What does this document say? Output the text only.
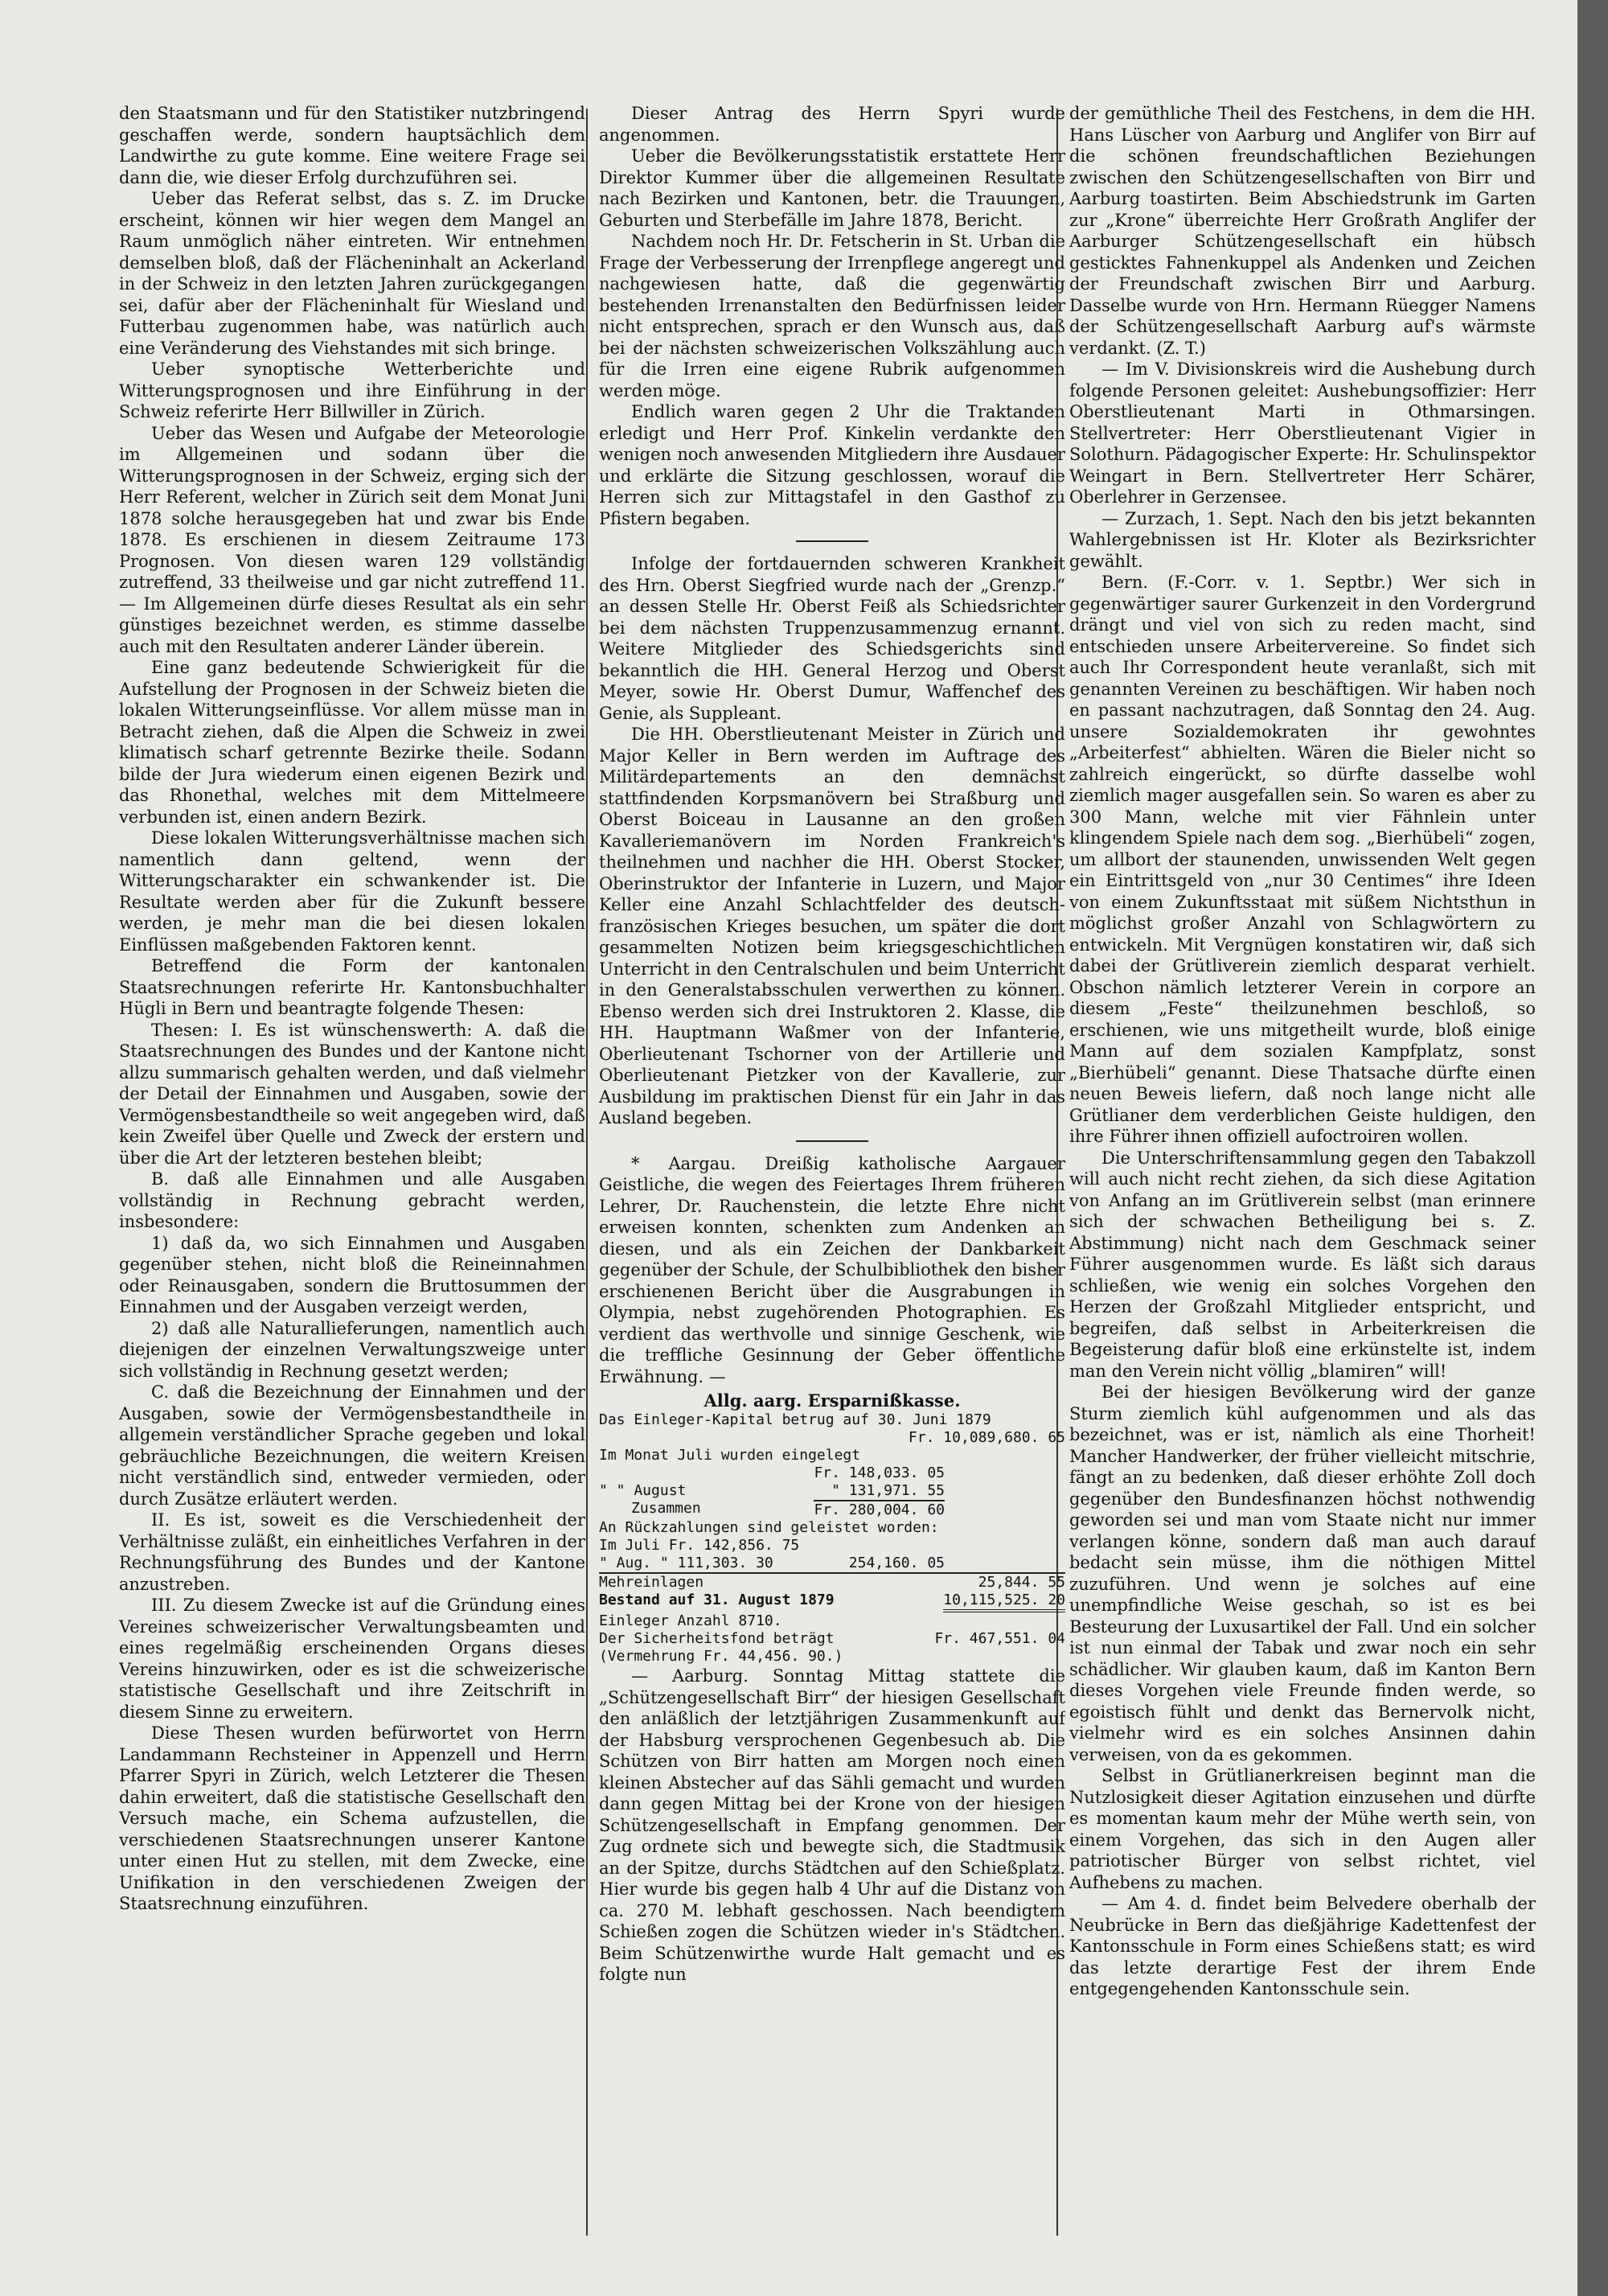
den Staatsmann und für den Statistiker nutzbringend geschaffen werde, sondern hauptsächlich dem Landwirthe zu gute komme. Eine weitere Frage sei dann die, wie dieser Erfolg durchzuführen sei.

Ueber das Referat selbst, das s. Z. im Drucke erscheint, können wir hier wegen dem Mangel an Raum unmöglich näher eintreten. Wir entnehmen demselben bloß, daß der Flächeninhalt an Ackerland in der Schweiz in den letzten Jahren zurückgegangen sei, dafür aber der Flächeninhalt für Wiesland und Futterbau zugenommen habe, was natürlich auch eine Veränderung des Viehstandes mit sich bringe.

Ueber synoptische Wetterberichte und Witterungsprognosen und ihre Einführung in der Schweiz referirte Herr Billwiller in Zürich.

Ueber das Wesen und Aufgabe der Meteorologie im Allgemeinen und sodann über die Witterungsprognosen in der Schweiz, erging sich der Herr Referent, welcher in Zürich seit dem Monat Juni 1878 solche herausgegeben hat und zwar bis Ende 1878. Es erschienen in diesem Zeitraume 173 Prognosen. Von diesen waren 129 vollständig zutreffend, 33 theilweise und gar nicht zutreffend 11. — Im Allgemeinen dürfe dieses Resultat als ein sehr günstiges bezeichnet werden, es stimme dasselbe auch mit den Resultaten anderer Länder überein.

Eine ganz bedeutende Schwierigkeit für die Aufstellung der Prognosen in der Schweiz bieten die lokalen Witterungseinflüsse. Vor allem müsse man in Betracht ziehen, daß die Alpen die Schweiz in zwei klimatisch scharf getrennte Bezirke theile. Sodann bilde der Jura wiederum einen eigenen Bezirk und das Rhonethal, welches mit dem Mittelmeere verbunden ist, einen andern Bezirk.

Diese lokalen Witterungsverhältnisse machen sich namentlich dann geltend, wenn der Witterungscharakter ein schwankender ist. Die Resultate werden aber für die Zukunft bessere werden, je mehr man die bei diesen lokalen Einflüssen maßgebenden Faktoren kennt.

Betreffend die Form der kantonalen Staatsrechnungen referirte Hr. Kantonsbuchhalter Hügli in Bern und beantragte folgende Thesen:

Thesen: I. Es ist wünschenswerth: A. daß die Staatsrechnungen des Bundes und der Kantone nicht allzu summarisch gehalten werden, und daß vielmehr der Detail der Einnahmen und Ausgaben, sowie der Vermögensbestandtheile so weit angegeben wird, daß kein Zweifel über Quelle und Zweck der erstern und über die Art der letzteren bestehen bleibt;

B. daß alle Einnahmen und alle Ausgaben vollständig in Rechnung gebracht werden, insbesondere:

1) daß da, wo sich Einnahmen und Ausgaben gegenüber stehen, nicht bloß die Reineinnahmen oder Reinausgaben, sondern die Bruttosummen der Einnahmen und der Ausgaben verzeigt werden,

2) daß alle Naturallieferungen, namentlich auch diejenigen der einzelnen Verwaltungszweige unter sich vollständig in Rechnung gesetzt werden;

C. daß die Bezeichnung der Einnahmen und der Ausgaben, sowie der Vermögensbestandtheile in allgemein verständlicher Sprache gegeben und lokal gebräuchliche Bezeichnungen, die weitern Kreisen nicht verständlich sind, entweder vermieden, oder durch Zusätze erläutert werden.

II. Es ist, soweit es die Verschiedenheit der Verhältnisse zuläßt, ein einheitliches Verfahren in der Rechnungsführung des Bundes und der Kantone anzustreben.

III. Zu diesem Zwecke ist auf die Gründung eines Vereines schweizerischer Verwaltungsbeamten und eines regelmäßig erscheinenden Organs dieses Vereins hinzuwirken, oder es ist die schweizerische statistische Gesellschaft und ihre Zeitschrift in diesem Sinne zu erweitern.

Diese Thesen wurden befürwortet von Herrn Landammann Rechsteiner in Appenzell und Herrn Pfarrer Spyri in Zürich, welch Letzterer die Thesen dahin erweitert, daß die statistische Gesellschaft den Versuch mache, ein Schema aufzustellen, die verschiedenen Staatsrechnungen unserer Kantone unter einen Hut zu stellen, mit dem Zwecke, eine Unifikation in den verschiedenen Zweigen der Staatsrechnung einzuführen.

Dieser Antrag des Herrn Spyri wurde angenommen.

Ueber die Bevölkerungsstatistik erstattete Herr Direktor Kummer über die allgemeinen Resultate nach Bezirken und Kantonen, betr. die Trauungen, Geburten und Sterbefälle im Jahre 1878, Bericht.

Nachdem noch Hr. Dr. Fetscherin in St. Urban die Frage der Verbesserung der Irrenpflege angeregt und nachgewiesen hatte, daß die gegenwärtig bestehenden Irrenanstalten den Bedürfnissen leider nicht entsprechen, sprach er den Wunsch aus, daß bei der nächsten schweizerischen Volkszählung auch für die Irren eine eigene Rubrik aufgenommen werden möge.

Endlich waren gegen 2 Uhr die Traktanden erledigt und Herr Prof. Kinkelin verdankte den wenigen noch anwesenden Mitgliedern ihre Ausdauer und erklärte die Sitzung geschlossen, worauf die Herren sich zur Mittagstafel in den Gasthof zu Pfistern begaben.

Infolge der fortdauernden schweren Krankheit des Hrn. Oberst Siegfried wurde nach der „Grenzp.“ an dessen Stelle Hr. Oberst Feiß als Schiedsrichter bei dem nächsten Truppenzusammenzug ernannt. Weitere Mitglieder des Schiedsgerichts sind bekanntlich die HH. General Herzog und Oberst Meyer, sowie Hr. Oberst Dumur, Waffenchef des Genie, als Suppleant.

Die HH. Oberstlieutenant Meister in Zürich und Major Keller in Bern werden im Auftrage des Militärdepartements an den demnächst stattfindenden Korpsmanövern bei Straßburg und Oberst Boiceau in Lausanne an den großen Kavalleriemanövern im Norden Frankreich's theilnehmen und nachher die HH. Oberst Stocker, Oberinstruktor der Infanterie in Luzern, und Major Keller eine Anzahl Schlachtfelder des deutsch-französischen Krieges besuchen, um später die dort gesammelten Notizen beim kriegsgeschichtlichen Unterricht in den Centralschulen und beim Unterricht in den Generalstabsschulen verwerthen zu können. Ebenso werden sich drei Instruktoren 2. Klasse, die HH. Hauptmann Waßmer von der Infanterie, Oberlieutenant Tschorner von der Artillerie und Oberlieutenant Pietzker von der Kavallerie, zur Ausbildung im praktischen Dienst für ein Jahr in das Ausland begeben.

* Aargau. Dreißig katholische Aargauer Geistliche, die wegen des Feiertages Ihrem früheren Lehrer, Dr. Rauchenstein, die letzte Ehre nicht erweisen konnten, schenkten zum Andenken an diesen, und als ein Zeichen der Dankbarkeit gegenüber der Schule, der Schulbibliothek den bisher erschienenen Bericht über die Ausgrabungen in Olympia, nebst zugehörenden Photographien. Es verdient das werthvolle und sinnige Geschenk, wie die treffliche Gesinnung der Geber öffentliche Erwähnung. —

Allg. aarg. Ersparnißkasse.
Das Einleger-Kapital betrug auf 30. Juni 1879
Fr. 10,089,680. 65
Im Monat Juli wurden eingelegt
Fr. 148,033. 05
" " August	" 131,971. 55
Zusammen	Fr. 280,004. 60
An Rückzahlungen sind geleistet worden:
Im Juli Fr. 142,856. 75
" Aug. " 111,303. 30	254,160. 05
Mehreinlagen	25,844. 55
Bestand auf 31. August 1879	10,115,525. 20
Einleger Anzahl 8710.
Der Sicherheitsfond beträgt	Fr. 467,551. 04
(Vermehrung Fr. 44,456. 90.)

— Aarburg. Sonntag Mittag stattete die „Schützengesellschaft Birr“ der hiesigen Gesellschaft den anläßlich der letztjährigen Zusammenkunft auf der Habsburg versprochenen Gegenbesuch ab. Die Schützen von Birr hatten am Morgen noch einen kleinen Abstecher auf das Sähli gemacht und wurden dann gegen Mittag bei der Krone von der hiesigen Schützengesellschaft in Empfang genommen. Der Zug ordnete sich und bewegte sich, die Stadtmusik an der Spitze, durchs Städtchen auf den Schießplatz. Hier wurde bis gegen halb 4 Uhr auf die Distanz von ca. 270 M. lebhaft geschossen. Nach beendigtem Schießen zogen die Schützen wieder in's Städtchen. Beim Schützenwirthe wurde Halt gemacht und es folgte nun

der gemüthliche Theil des Festchens, in dem die HH. Hans Lüscher von Aarburg und Anglifer von Birr auf die schönen freundschaftlichen Beziehungen zwischen den Schützengesellschaften von Birr und Aarburg toastirten. Beim Abschiedstrunk im Garten zur „Krone“ überreichte Herr Großrath Anglifer der Aarburger Schützengesellschaft ein hübsch gesticktes Fahnenkuppel als Andenken und Zeichen der Freundschaft zwischen Birr und Aarburg. Dasselbe wurde von Hrn. Hermann Rüegger Namens der Schützengesellschaft Aarburg auf's wärmste verdankt. (Z. T.)

— Im V. Divisionskreis wird die Aushebung durch folgende Personen geleitet: Aushebungsoffizier: Herr Oberstlieutenant Marti in Othmarsingen. Stellvertreter: Herr Oberstlieutenant Vigier in Solothurn. Pädagogischer Experte: Hr. Schulinspektor Weingart in Bern. Stellvertreter Herr Schärer, Oberlehrer in Gerzensee.

— Zurzach, 1. Sept. Nach den bis jetzt bekannten Wahlergebnissen ist Hr. Kloter als Bezirksrichter gewählt.

Bern. (F.-Corr. v. 1. Septbr.) Wer sich in gegenwärtiger saurer Gurkenzeit in den Vordergrund drängt und viel von sich zu reden macht, sind entschieden unsere Arbeitervereine. So findet sich auch Ihr Correspondent heute veranlaßt, sich mit genannten Vereinen zu beschäftigen. Wir haben noch en passant nachzutragen, daß Sonntag den 24. Aug. unsere Sozialdemokraten ihr gewohntes „Arbeiterfest“ abhielten. Wären die Bieler nicht so zahlreich eingerückt, so dürfte dasselbe wohl ziemlich mager ausgefallen sein. So waren es aber zu 300 Mann, welche mit vier Fähnlein unter klingendem Spiele nach dem sog. „Bierhübeli“ zogen, um allbort der staunenden, unwissenden Welt gegen ein Eintrittsgeld von „nur 30 Centimes“ ihre Ideen von einem Zukunftsstaat mit süßem Nichtsthun in möglichst großer Anzahl von Schlagwörtern zu entwickeln. Mit Vergnügen konstatiren wir, daß sich dabei der Grütliverein ziemlich desparat verhielt. Obschon nämlich letzterer Verein in corpore an diesem „Feste“ theilzunehmen beschloß, so erschienen, wie uns mitgetheilt wurde, bloß einige Mann auf dem sozialen Kampfplatz, sonst „Bierhübeli“ genannt. Diese Thatsache dürfte einen neuen Beweis liefern, daß noch lange nicht alle Grütlianer dem verderblichen Geiste huldigen, den ihre Führer ihnen offiziell aufoctroiren wollen.

Die Unterschriftensammlung gegen den Tabakzoll will auch nicht recht ziehen, da sich diese Agitation von Anfang an im Grütliverein selbst (man erinnere sich der schwachen Betheiligung bei s. Z. Abstimmung) nicht nach dem Geschmack seiner Führer ausgenommen wurde. Es läßt sich daraus schließen, wie wenig ein solches Vorgehen den Herzen der Großzahl Mitglieder entspricht, und begreifen, daß selbst in Arbeiterkreisen die Begeisterung dafür bloß eine erkünstelte ist, indem man den Verein nicht völlig „blamiren“ will!

Bei der hiesigen Bevölkerung wird der ganze Sturm ziemlich kühl aufgenommen und als das bezeichnet, was er ist, nämlich als eine Thorheit! Mancher Handwerker, der früher vielleicht mitschrie, fängt an zu bedenken, daß dieser erhöhte Zoll doch gegenüber den Bundesfinanzen höchst nothwendig geworden sei und man vom Staate nicht nur immer verlangen könne, sondern daß man auch darauf bedacht sein müsse, ihm die nöthigen Mittel zuzuführen. Und wenn je solches auf eine unempfindliche Weise geschah, so ist es bei Besteurung der Luxusartikel der Fall. Und ein solcher ist nun einmal der Tabak und zwar noch ein sehr schädlicher. Wir glauben kaum, daß im Kanton Bern dieses Vorgehen viele Freunde finden werde, so egoistisch fühlt und denkt das Bernervolk nicht, vielmehr wird es ein solches Ansinnen dahin verweisen, von da es gekommen.

Selbst in Grütlianerkreisen beginnt man die Nutzlosigkeit dieser Agitation einzusehen und dürfte es momentan kaum mehr der Mühe werth sein, von einem Vorgehen, das sich in den Augen aller patriotischer Bürger von selbst richtet, viel Aufhebens zu machen.

— Am 4. d. findet beim Belvedere oberhalb der Neubrücke in Bern das dießjährige Kadettenfest der Kantonsschule in Form eines Schießens statt; es wird das letzte derartige Fest der ihrem Ende entgegengehenden Kantonsschule sein.
